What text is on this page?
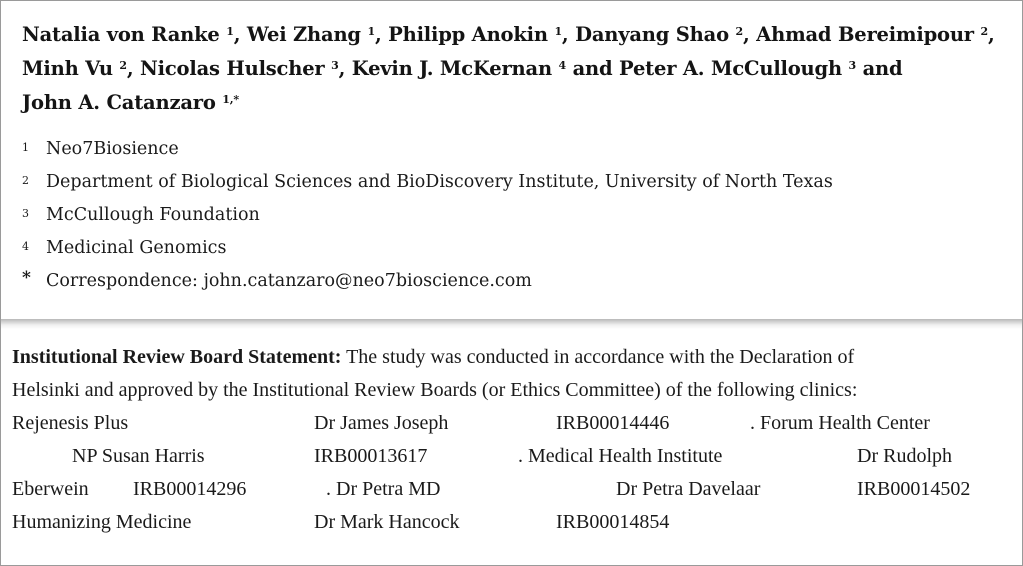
Natalia von Ranke $^1$, Wei Zhang $^1$, Philipp Anokin $^1$, Danyang Shao $^2$, Ahmad Bereimipour $^2$,
Minh Vu $^2$, Nicolas Hulscher $^3$, Kevin J. McKernan $^4$ and Peter A. McCullough $^3$ and
John A. Catanzaro $^{1,*}$
1 Neo7Biosience
2 Department of Biological Sciences and BioDiscovery Institute, University of North Texas
3 McCullough Foundation
4 Medicinal Genomics
* Correspondence: john.catanzaro@neo7bioscience.com
Institutional Review Board Statement: The study was conducted in accordance with the Declaration of
Helsinki and approved by the Institutional Review Boards (or Ethics Committee) of the following clinics:
Rejenesis Plus	Dr James Joseph	IRB00014446	. Forum Health Center
NP Susan Harris	IRB00013617	. Medical Health Institute	Dr Rudolph
Eberwein IRB00014296	. Dr Petra MD	Dr Petra Davelaar	IRB00014502
Humanizing Medicine	Dr Mark Hancock	IRB00014854
